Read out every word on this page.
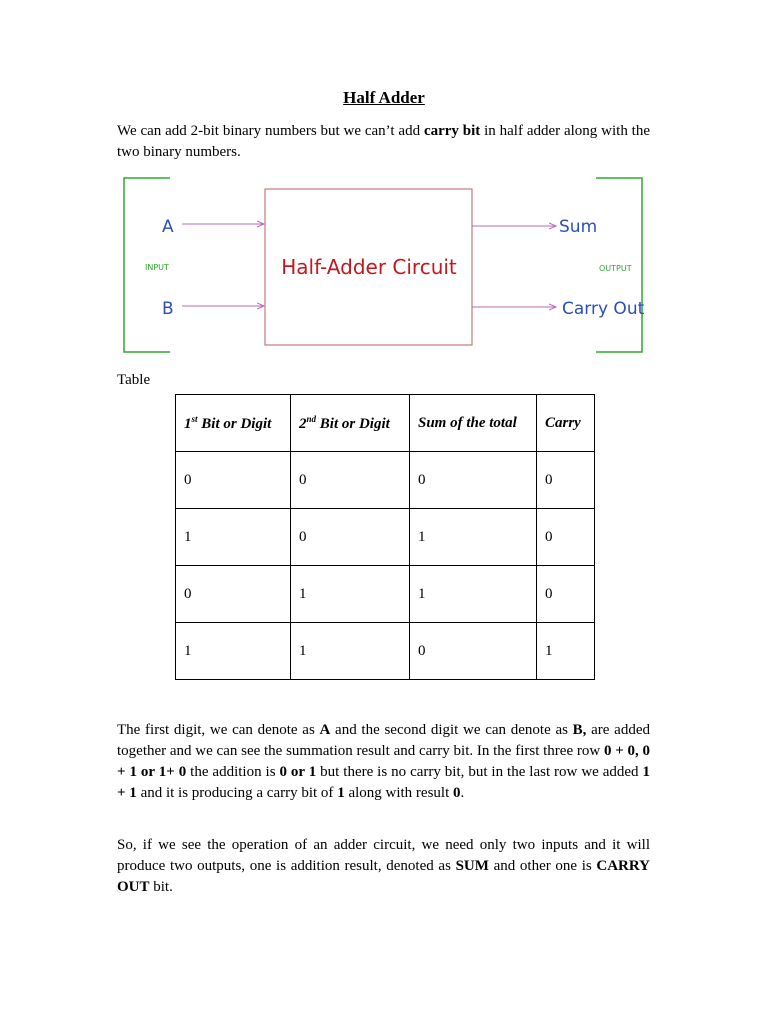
Half Adder

We can add 2-bit binary numbers but we can’t add carry bit in half adder along with the two binary numbers.

A
B
INPUT	Half-Adder Circuit
Sum
Carry Out
OUTPUT
Table
1st Bit or Digit	2nd Bit or Digit	Sum of the total	Carry
0	0	0	0
1	0	1	0
0	1	1	0
1	1	0	1

The first digit, we can denote as A and the second digit we can denote as B, are added together and we can see the summation result and carry bit. In the first three row 0 + 0, 0 + 1 or 1+ 0 the addition is 0 or 1 but there is no carry bit, but in the last row we added 1 + 1 and it is producing a carry bit of 1 along with result 0.

So, if we see the operation of an adder circuit, we need only two inputs and it will produce two outputs, one is addition result, denoted as SUM and other one is CARRY OUT bit.
